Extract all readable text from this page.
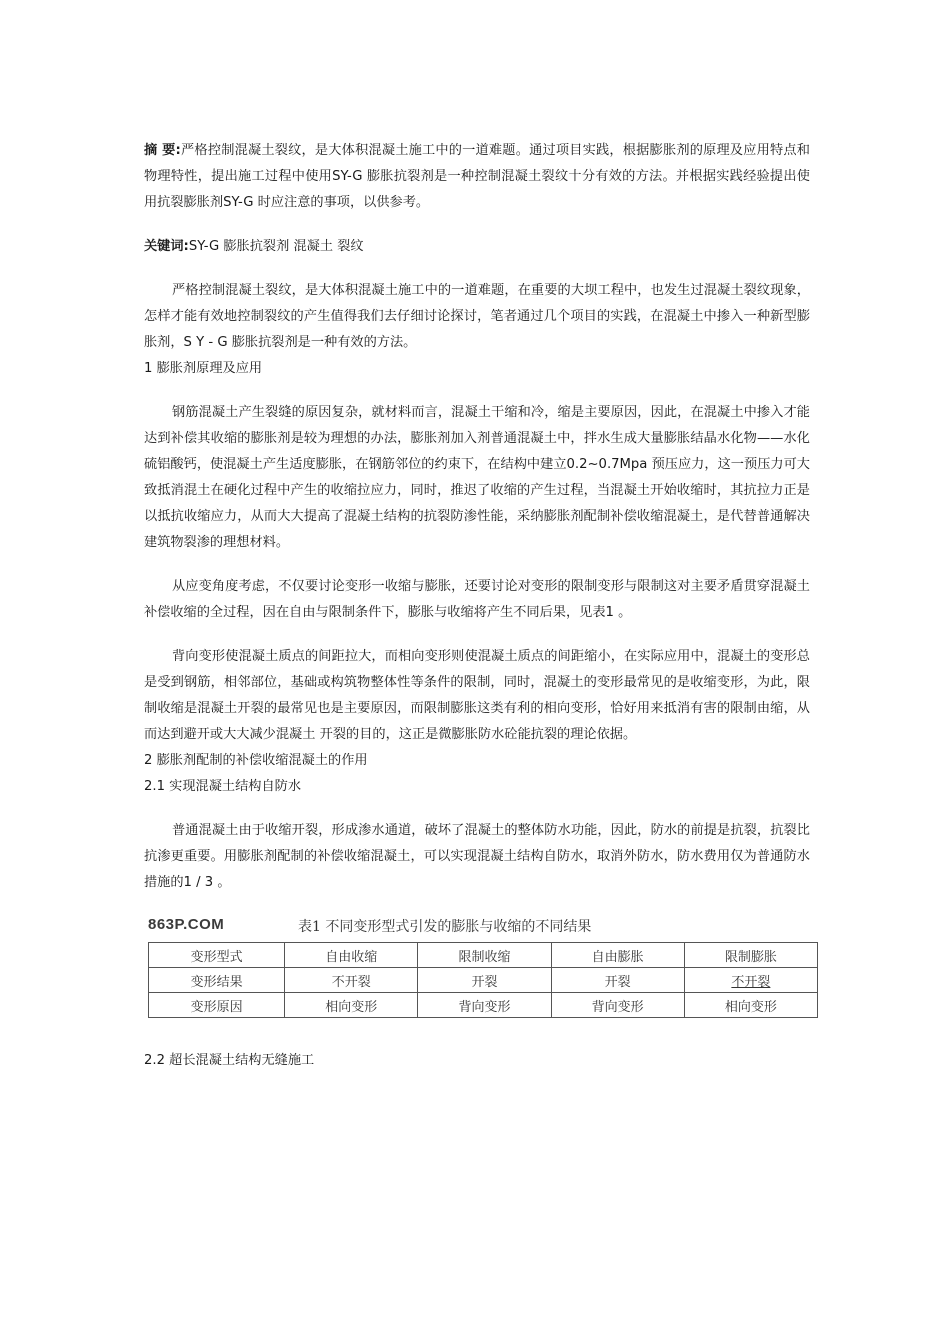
摘 要:严格控制混凝土裂纹，是大体积混凝土施工中的一道难题。通过项目实践，根据膨胀剂的原理及应用特点和物理特性，提出施工过程中使用SY-G 膨胀抗裂剂是一种控制混凝土裂纹十分有效的方法。并根据实践经验提出使用抗裂膨胀剂SY-G 时应注意的事项，以供参考。

关键词:SY-G 膨胀抗裂剂 混凝土 裂纹

严格控制混凝土裂纹，是大体积混凝土施工中的一道难题，在重要的大坝工程中，也发生过混凝土裂纹现象，怎样才能有效地控制裂纹的产生值得我们去仔细讨论探讨，笔者通过几个项目的实践，在混凝土中掺入一种新型膨胀剂，S Y - G 膨胀抗裂剂是一种有效的方法。

1 膨胀剂原理及应用

钢筋混凝土产生裂缝的原因复杂，就材料而言，混凝土干缩和冷，缩是主要原因，因此，在混凝土中掺入才能达到补偿其收缩的膨胀剂是较为理想的办法，膨胀剂加入剂普通混凝土中，拌水生成大量膨胀结晶水化物——水化硫铝酸钙，使混凝土产生适度膨胀，在钢筋邻位的约束下，在结构中建立0.2~0.7Mpa 预压应力，这一预压力可大致抵消混土在硬化过程中产生的收缩拉应力，同时，推迟了收缩的产生过程，当混凝土开始收缩时，其抗拉力正是以抵抗收缩应力，从而大大提高了混凝土结构的抗裂防渗性能，采纳膨胀剂配制补偿收缩混凝土，是代替普通解决建筑物裂渗的理想材料。

从应变角度考虑，不仅要讨论变形一收缩与膨胀，还要讨论对变形的限制变形与限制这对主要矛盾贯穿混凝土补偿收缩的全过程，因在自由与限制条件下，膨胀与收缩将产生不同后果，见表1 。

背向变形使混凝土质点的间距拉大，而相向变形则使混凝土质点的间距缩小，在实际应用中，混凝土的变形总是受到钢筋，相邻部位，基础或构筑物整体性等条件的限制，同时，混凝土的变形最常见的是收缩变形，为此，限制收缩是混凝土开裂的最常见也是主要原因，而限制膨胀这类有利的相向变形，恰好用来抵消有害的限制由缩，从而达到避开或大大减少混凝土 开裂的目的，这正是微膨胀防水砼能抗裂的理论依据。

2 膨胀剂配制的补偿收缩混凝土的作用

2.1 实现混凝土结构自防水

普通混凝土由于收缩开裂，形成渗水通道，破坏了混凝土的整体防水功能，因此，防水的前提是抗裂，抗裂比抗渗更重要。用膨胀剂配制的补偿收缩混凝土，可以实现混凝土结构自防水，取消外防水，防水费用仅为普通防水措施的1 / 3 。

863P.COM	表1 不同变形型式引发的膨胀与收缩的不同结果
变形型式	自由收缩	限制收缩	自由膨胀	限制膨胀
变形结果	不开裂	开裂	开裂	不开裂
变形原因	相向变形	背向变形	背向变形	相向变形

2.2 超长混凝土结构无缝施工
